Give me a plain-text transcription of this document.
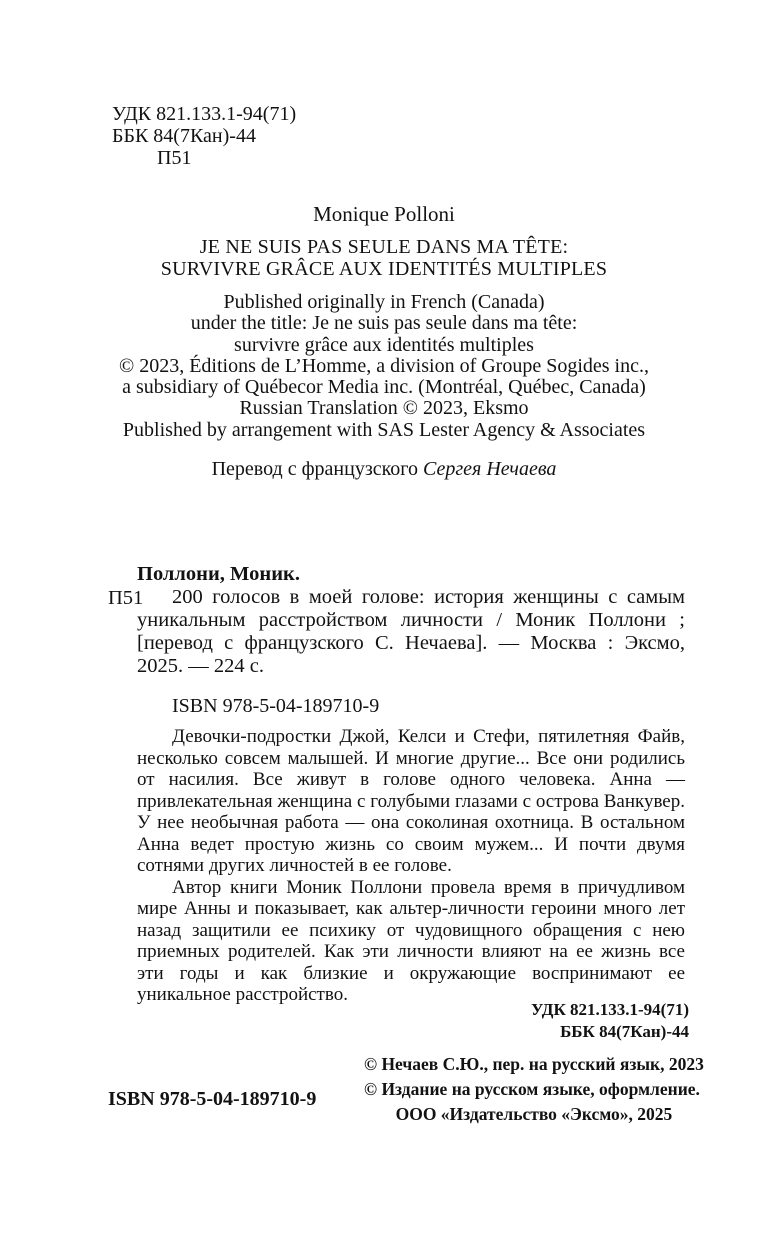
УДК 821.133.1-94(71)
ББК 84(7Кан)-44
П51
Monique Polloni
JE NE SUIS PAS SEULE DANS MA TÊTE:
SURVIVRE GRÂCE AUX IDENTITÉS MULTIPLES
Published originally in French (Canada)
under the title: Je ne suis pas seule dans ma tête:
survivre grâce aux identités multiples
© 2023, Éditions de L’Homme, a division of Groupe Sogides inc.,
a subsidiary of Québecor Media inc. (Montréal, Québec, Canada)
Russian Translation © 2023, Eksmo
Published by arrangement with SAS Lester Agency & Associates
Перевод с французского Сергея Нечаева
П51
Поллони, Моник.
200 голосов в моей голове: история женщины с самым уникальным расстройством личности / Моник Поллони ; [перевод с французского С. Нечаева]. — Москва : Эксмо, 2025. — 224 с.
ISBN 978-5-04-189710-9
Девочки-подростки Джой, Келси и Стефи, пятилетняя Файв, несколько совсем малышей. И многие другие... Все они родились от насилия. Все живут в голове одного человека. Анна — привлекательная женщина с голубыми глазами с острова Ванкувер. У нее необычная работа — она соколиная охотница. В остальном Анна ведет простую жизнь со своим мужем... И почти двумя сотнями других личностей в ее голове.
Автор книги Моник Поллони провела время в причудливом мире Анны и показывает, как альтер-личности героини много лет назад защитили ее психику от чудовищного обращения с нею приемных родителей. Как эти личности влияют на ее жизнь все эти годы и как близкие и окружающие воспринимают ее уникальное расстройство.
УДК 821.133.1-94(71)
ББК 84(7Кан)-44
© Нечаев С.Ю., пер. на русский язык, 2023
© Издание на русском языке, оформление.
ООО «Издательство «Эксмо», 2025
ISBN 978-5-04-189710-9
